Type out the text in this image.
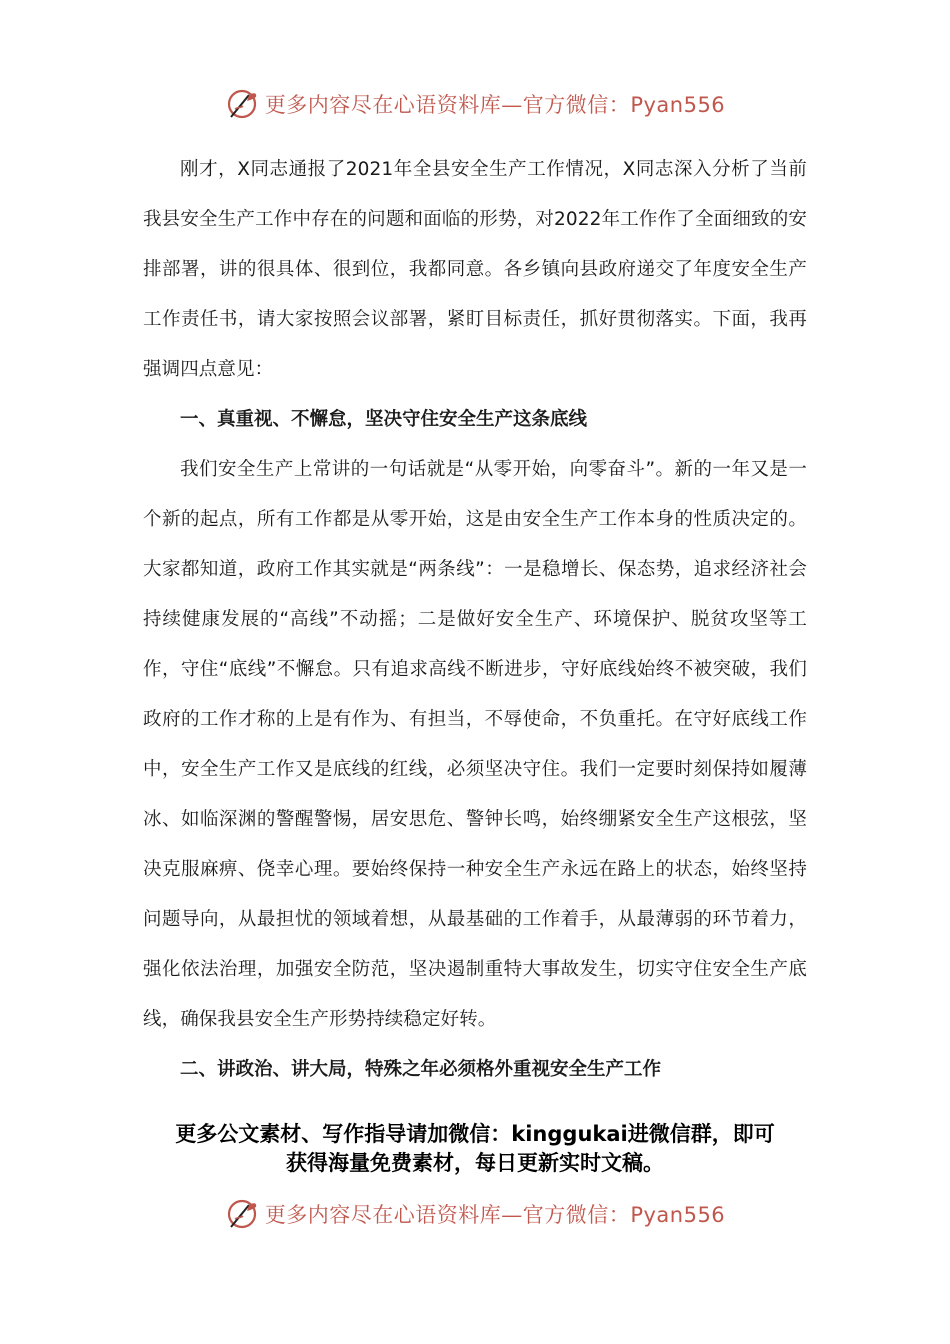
更多内容尽在心语资料库—官方微信：Pyan556

刚才，X同志通报了2021年全县安全生产工作情况，X同志深入分析了当前我县安全生产工作中存在的问题和面临的形势，对2022年工作作了全面细致的安排部署，讲的很具体、很到位，我都同意。各乡镇向县政府递交了年度安全生产工作责任书，请大家按照会议部署，紧盯目标责任，抓好贯彻落实。下面，我再强调四点意见：

一、真重视、不懈怠，坚决守住安全生产这条底线

我们安全生产上常讲的一句话就是“从零开始，向零奋斗”。新的一年又是一个新的起点，所有工作都是从零开始，这是由安全生产工作本身的性质决定的。大家都知道，政府工作其实就是“两条线”：一是稳增长、保态势，追求经济社会持续健康发展的“高线”不动摇；二是做好安全生产、环境保护、脱贫攻坚等工作，守住“底线”不懈怠。只有追求高线不断进步，守好底线始终不被突破，我们政府的工作才称的上是有作为、有担当，不辱使命，不负重托。在守好底线工作中，安全生产工作又是底线的红线，必须坚决守住。我们一定要时刻保持如履薄冰、如临深渊的警醒警惕，居安思危、警钟长鸣，始终绷紧安全生产这根弦，坚决克服麻痹、侥幸心理。要始终保持一种安全生产永远在路上的状态，始终坚持问题导向，从最担忧的领域着想，从最基础的工作着手，从最薄弱的环节着力，强化依法治理，加强安全防范，坚决遏制重特大事故发生，切实守住安全生产底线，确保我县安全生产形势持续稳定好转。

二、讲政治、讲大局，特殊之年必须格外重视安全生产工作
更多公文素材、写作指导请加微信：kinggukai进微信群，即可
获得海量免费素材，每日更新实时文稿。
更多内容尽在心语资料库—官方微信：Pyan556
